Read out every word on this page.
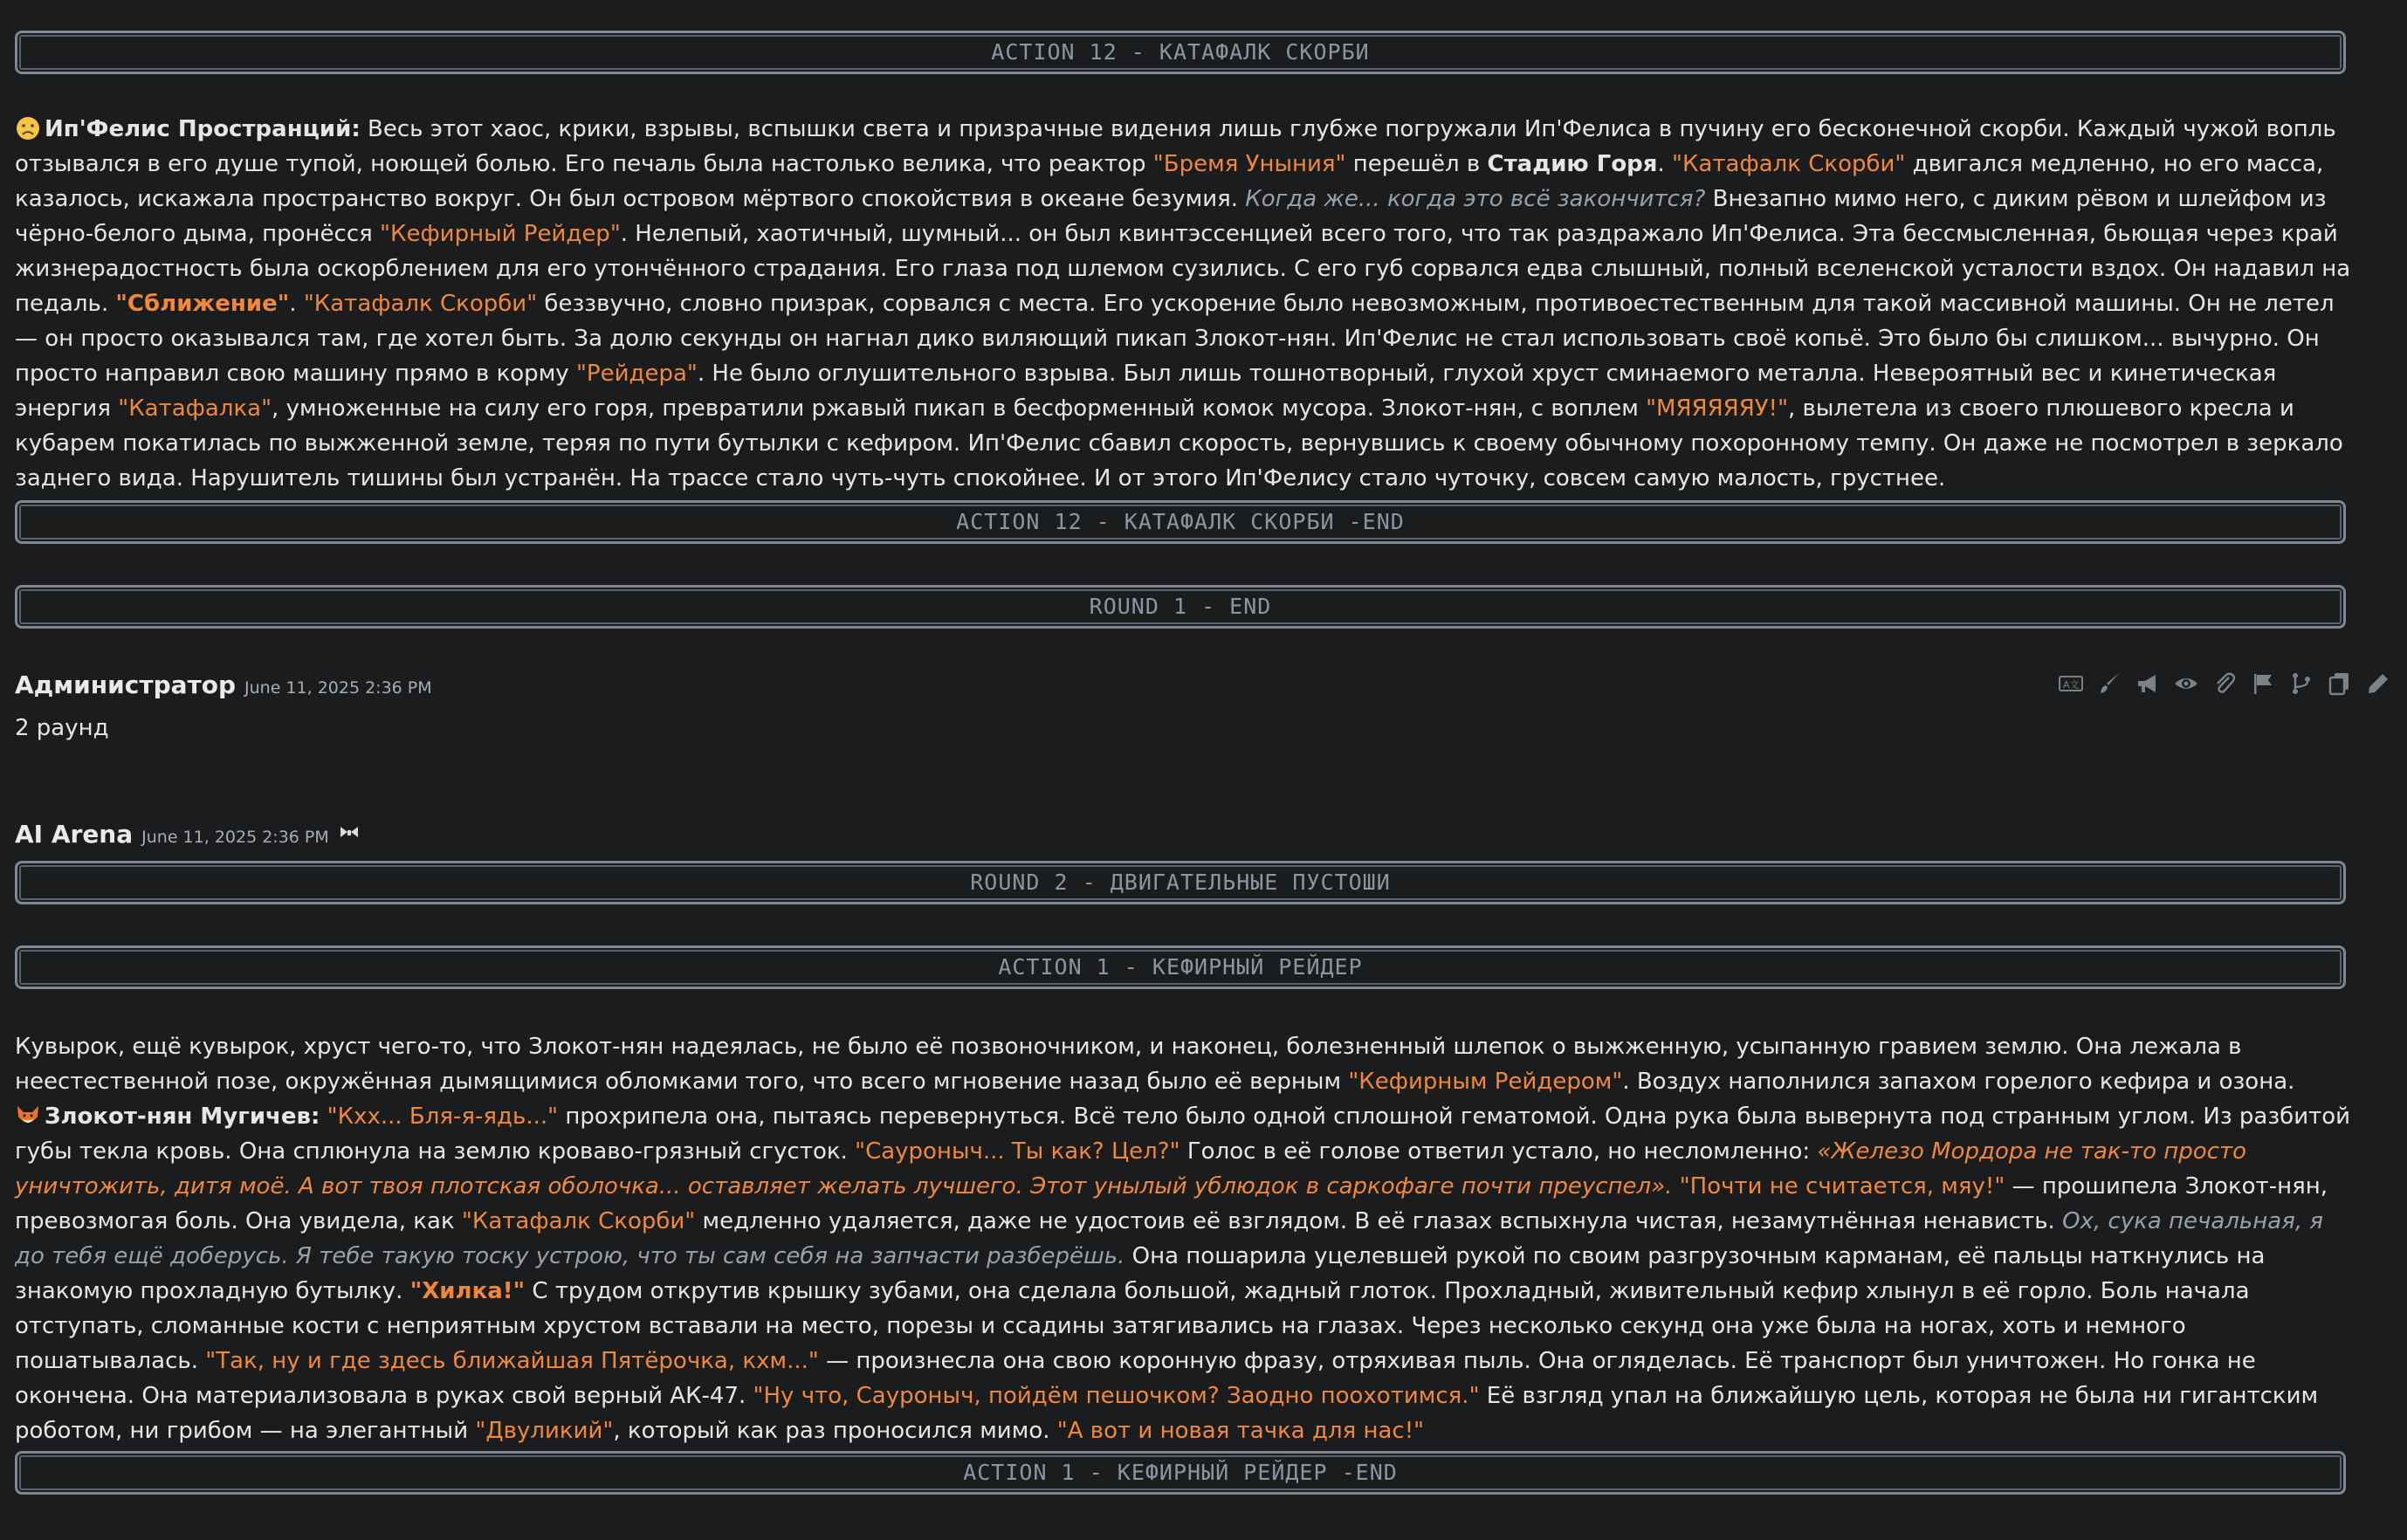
ACTION 12 - КАТАФАЛК СКОРБИ
Ип'Фелис Пространций: Весь этот хаос, крики, взрывы, вспышки света и призрачные видения лишь глубже погружали Ип'Фелиса в пучину его бесконечной скорби. Каждый чужой вопль отзывался в его душе тупой, ноющей болью. Его печаль была настолько велика, что реактор "Бремя Уныния" перешёл в Стадию Горя. "Катафалк Скорби" двигался медленно, но его масса, казалось, искажала пространство вокруг. Он был островом мёртвого спокойствия в океане безумия. Когда же... когда это всё закончится? Внезапно мимо него, с диким рёвом и шлейфом из чёрно-белого дыма, пронёсся "Кефирный Рейдер". Нелепый, хаотичный, шумный... он был квинтэссенцией всего того, что так раздражало Ип'Фелиса. Эта бессмысленная, бьющая через край жизнерадостность была оскорблением для его утончённого страдания. Его глаза под шлемом сузились. С его губ сорвался едва слышный, полный вселенской усталости вздох. Он надавил на педаль. "Сближение". "Катафалк Скорби" беззвучно, словно призрак, сорвался с места. Его ускорение было невозможным, противоестественным для такой массивной машины. Он не летел — он просто оказывался там, где хотел быть. За долю секунды он нагнал дико виляющий пикап Злокот-нян. Ип'Фелис не стал использовать своё копьё. Это было бы слишком... вычурно. Он просто направил свою машину прямо в корму "Рейдера". Не было оглушительного взрыва. Был лишь тошнотворный, глухой хруст сминаемого металла. Невероятный вес и кинетическая энергия "Катафалка", умноженные на силу его горя, превратили ржавый пикап в бесформенный комок мусора. Злокот-нян, с воплем "МЯЯЯЯЯУ!", вылетела из своего плюшевого кресла и кубарем покатилась по выжженной земле, теряя по пути бутылки с кефиром. Ип'Фелис сбавил скорость, вернувшись к своему обычному похоронному темпу. Он даже не посмотрел в зеркало заднего вида. Нарушитель тишины был устранён. На трассе стало чуть-чуть спокойнее. И от этого Ип'Фелису стало чуточку, совсем самую малость, грустнее.
ACTION 12 - КАТАФАЛК СКОРБИ -END
ROUND 1 - END
Администратор June 11, 2025 2:36 PM
2 раунд
AI Arena June 11, 2025 2:36 PM
ROUND 2 - ДВИГАТЕЛЬНЫЕ ПУСТОШИ
ACTION 1 - КЕФИРНЫЙ РЕЙДЕР
Кувырок, ещё кувырок, хруст чего-то, что Злокот-нян надеялась, не было её позвоночником, и наконец, болезненный шлепок о выжженную, усыпанную гравием землю. Она лежала в неестественной позе, окружённая дымящимися обломками того, что всего мгновение назад было её верным "Кефирным Рейдером". Воздух наполнился запахом горелого кефира и озона.
Злокот-нян Мугичев: "Кхх... Бля-я-ядь..." прохрипела она, пытаясь перевернуться. Всё тело было одной сплошной гематомой. Одна рука была вывернута под странным углом. Из разбитой губы текла кровь. Она сплюнула на землю кроваво-грязный сгусток. "Сауроныч... Ты как? Цел?" Голос в её голове ответил устало, но несломленно: «Железо Мордора не так-то просто уничтожить, дитя моё. А вот твоя плотская оболочка... оставляет желать лучшего. Этот унылый ублюдок в саркофаге почти преуспел». "Почти не считается, мяу!" — прошипела Злокот-нян, превозмогая боль. Она увидела, как "Катафалк Скорби" медленно удаляется, даже не удостоив её взглядом. В её глазах вспыхнула чистая, незамутнённая ненависть. Ох, сука печальная, я до тебя ещё доберусь. Я тебе такую тоску устрою, что ты сам себя на запчасти разберёшь. Она пошарила уцелевшей рукой по своим разгрузочным карманам, её пальцы наткнулись на знакомую прохладную бутылку. "Хилка!" С трудом открутив крышку зубами, она сделала большой, жадный глоток. Прохладный, живительный кефир хлынул в её горло. Боль начала отступать, сломанные кости с неприятным хрустом вставали на место, порезы и ссадины затягивались на глазах. Через несколько секунд она уже была на ногах, хоть и немного пошатывалась. "Так, ну и где здесь ближайшая Пятёрочка, кхм..." — произнесла она свою коронную фразу, отряхивая пыль. Она огляделась. Её транспорт был уничтожен. Но гонка не окончена. Она материализовала в руках свой верный АК-47. "Ну что, Сауроныч, пойдём пешочком? Заодно поохотимся." Её взгляд упал на ближайшую цель, которая не была ни гигантским роботом, ни грибом — на элегантный "Двуликий", который как раз проносился мимо. "А вот и новая тачка для нас!"
ACTION 1 - КЕФИРНЫЙ РЕЙДЕР -END
A文
